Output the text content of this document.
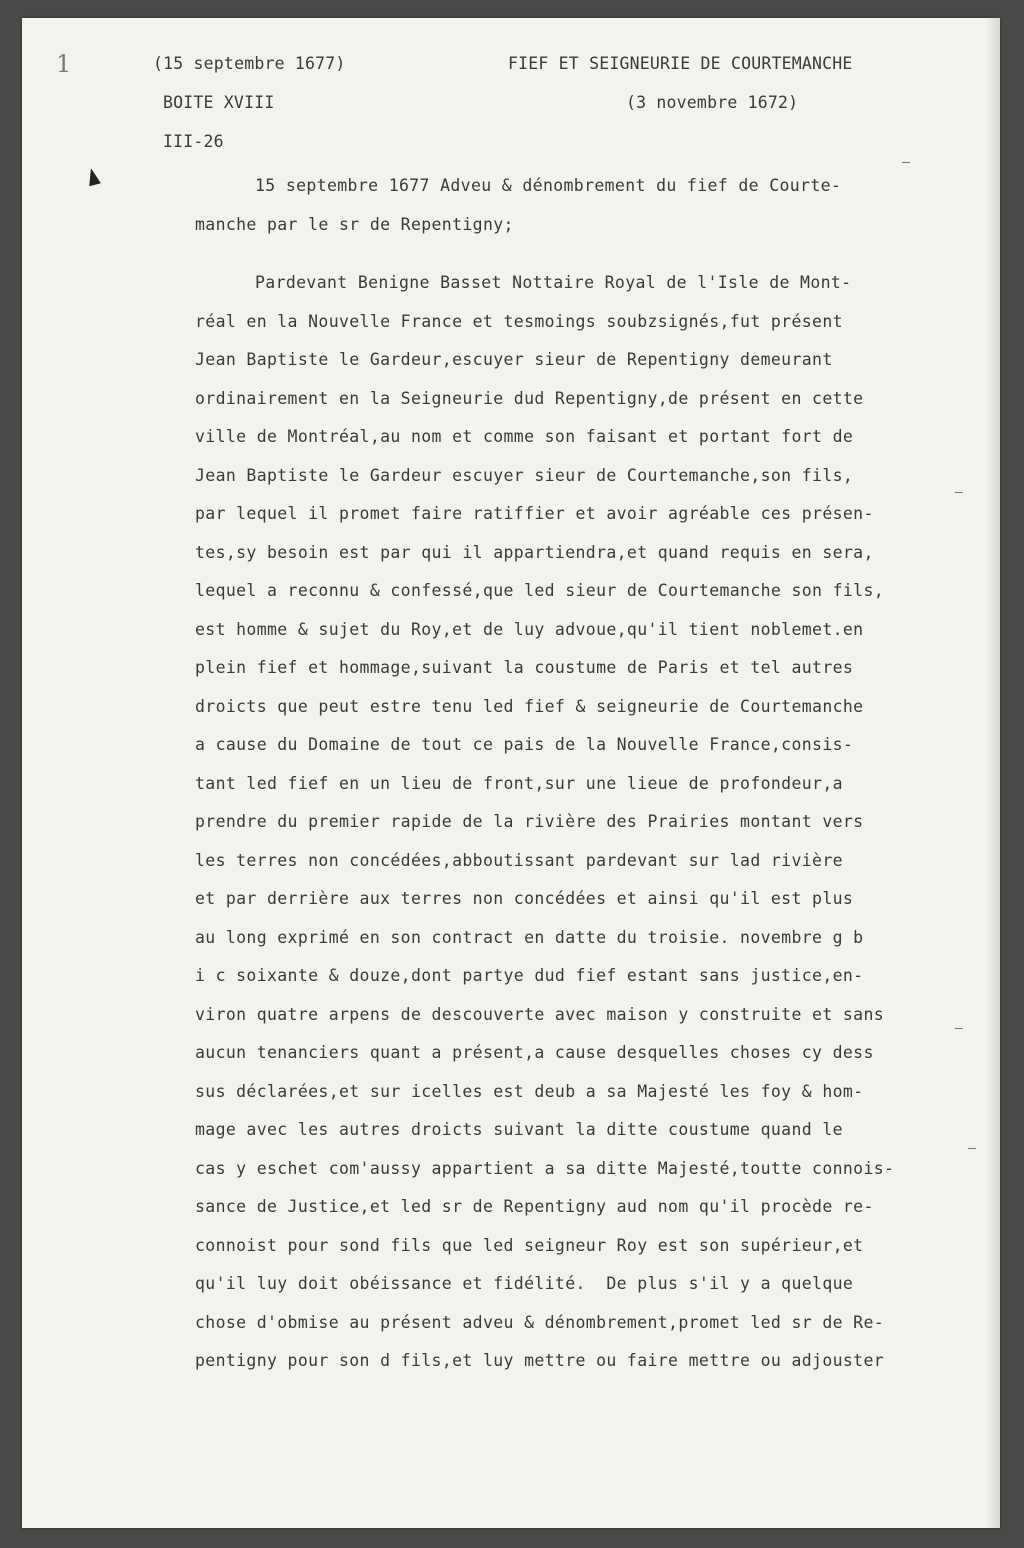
1	(15 septembre 1677)	FIEF ET SEIGNEURIE DE COURTEMANCHE
BOITE XVIII	(3 novembre 1672)
III-26
15 septembre 1677 Adveu & dénombrement du fief de Courte-
manche par le sr de Repentigny;
Pardevant Benigne Basset Nottaire Royal de l'Isle de Mont-
réal en la Nouvelle France et tesmoings soubzsignés,fut présent
Jean Baptiste le Gardeur,escuyer sieur de Repentigny demeurant
ordinairement en la Seigneurie dud Repentigny,de présent en cette
ville de Montréal,au nom et comme son faisant et portant fort de
Jean Baptiste le Gardeur escuyer sieur de Courtemanche,son fils,
par lequel il promet faire ratiffier et avoir agréable ces présen-
tes,sy besoin est par qui il appartiendra,et quand requis en sera,
lequel a reconnu & confessé,que led sieur de Courtemanche son fils,
est homme & sujet du Roy,et de luy advoue,qu'il tient noblemet.en
plein fief et hommage,suivant la coustume de Paris et tel autres
droicts que peut estre tenu led fief & seigneurie de Courtemanche
a cause du Domaine de tout ce pais de la Nouvelle France,consis-
tant led fief en un lieu de front,sur une lieue de profondeur,a
prendre du premier rapide de la rivière des Prairies montant vers
les terres non concédées,abboutissant pardevant sur lad rivière
et par derrière aux terres non concédées et ainsi qu'il est plus
au long exprimé en son contract en datte du troisie. novembre g b
i c soixante & douze,dont partye dud fief estant sans justice,en-
viron quatre arpens de descouverte avec maison y construite et sans
aucun tenanciers quant a présent,a cause desquelles choses cy dess
sus déclarées,et sur icelles est deub a sa Majesté les foy & hom-
mage avec les autres droicts suivant la ditte coustume quand le
cas y eschet com'aussy appartient a sa ditte Majesté,toutte connois-
sance de Justice,et led sr de Repentigny aud nom qu'il procède re-
connoist pour sond fils que led seigneur Roy est son supérieur,et
qu'il luy doit obéissance et fidélité.  De plus s'il y a quelque
chose d'obmise au présent adveu & dénombrement,promet led sr de Re-
pentigny pour son d fils,et luy mettre ou faire mettre ou adjouster
